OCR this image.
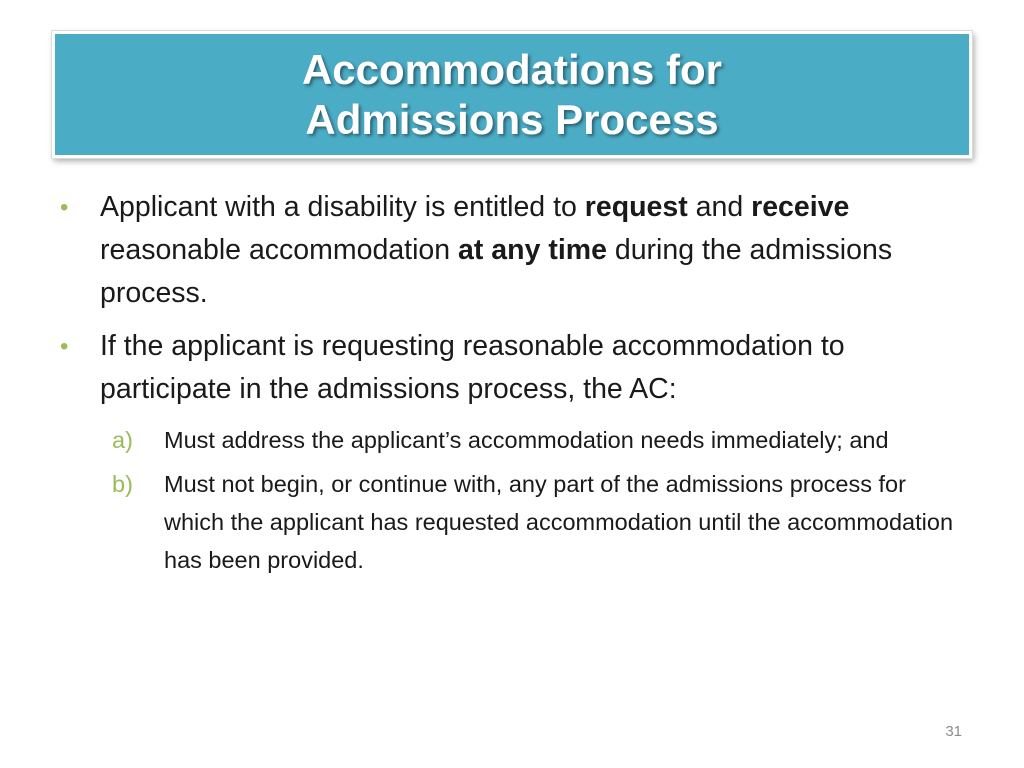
Accommodations for
Admissions Process
• Applicant with a disability is entitled to request and receive reasonable accommodation at any time during the admissions process.
• If the applicant is requesting reasonable accommodation to participate in the admissions process, the AC:
a) Must address the applicant’s accommodation needs immediately; and
b) Must not begin, or continue with, any part of the admissions process for which the applicant has requested accommodation until the accommodation has been provided.
31
